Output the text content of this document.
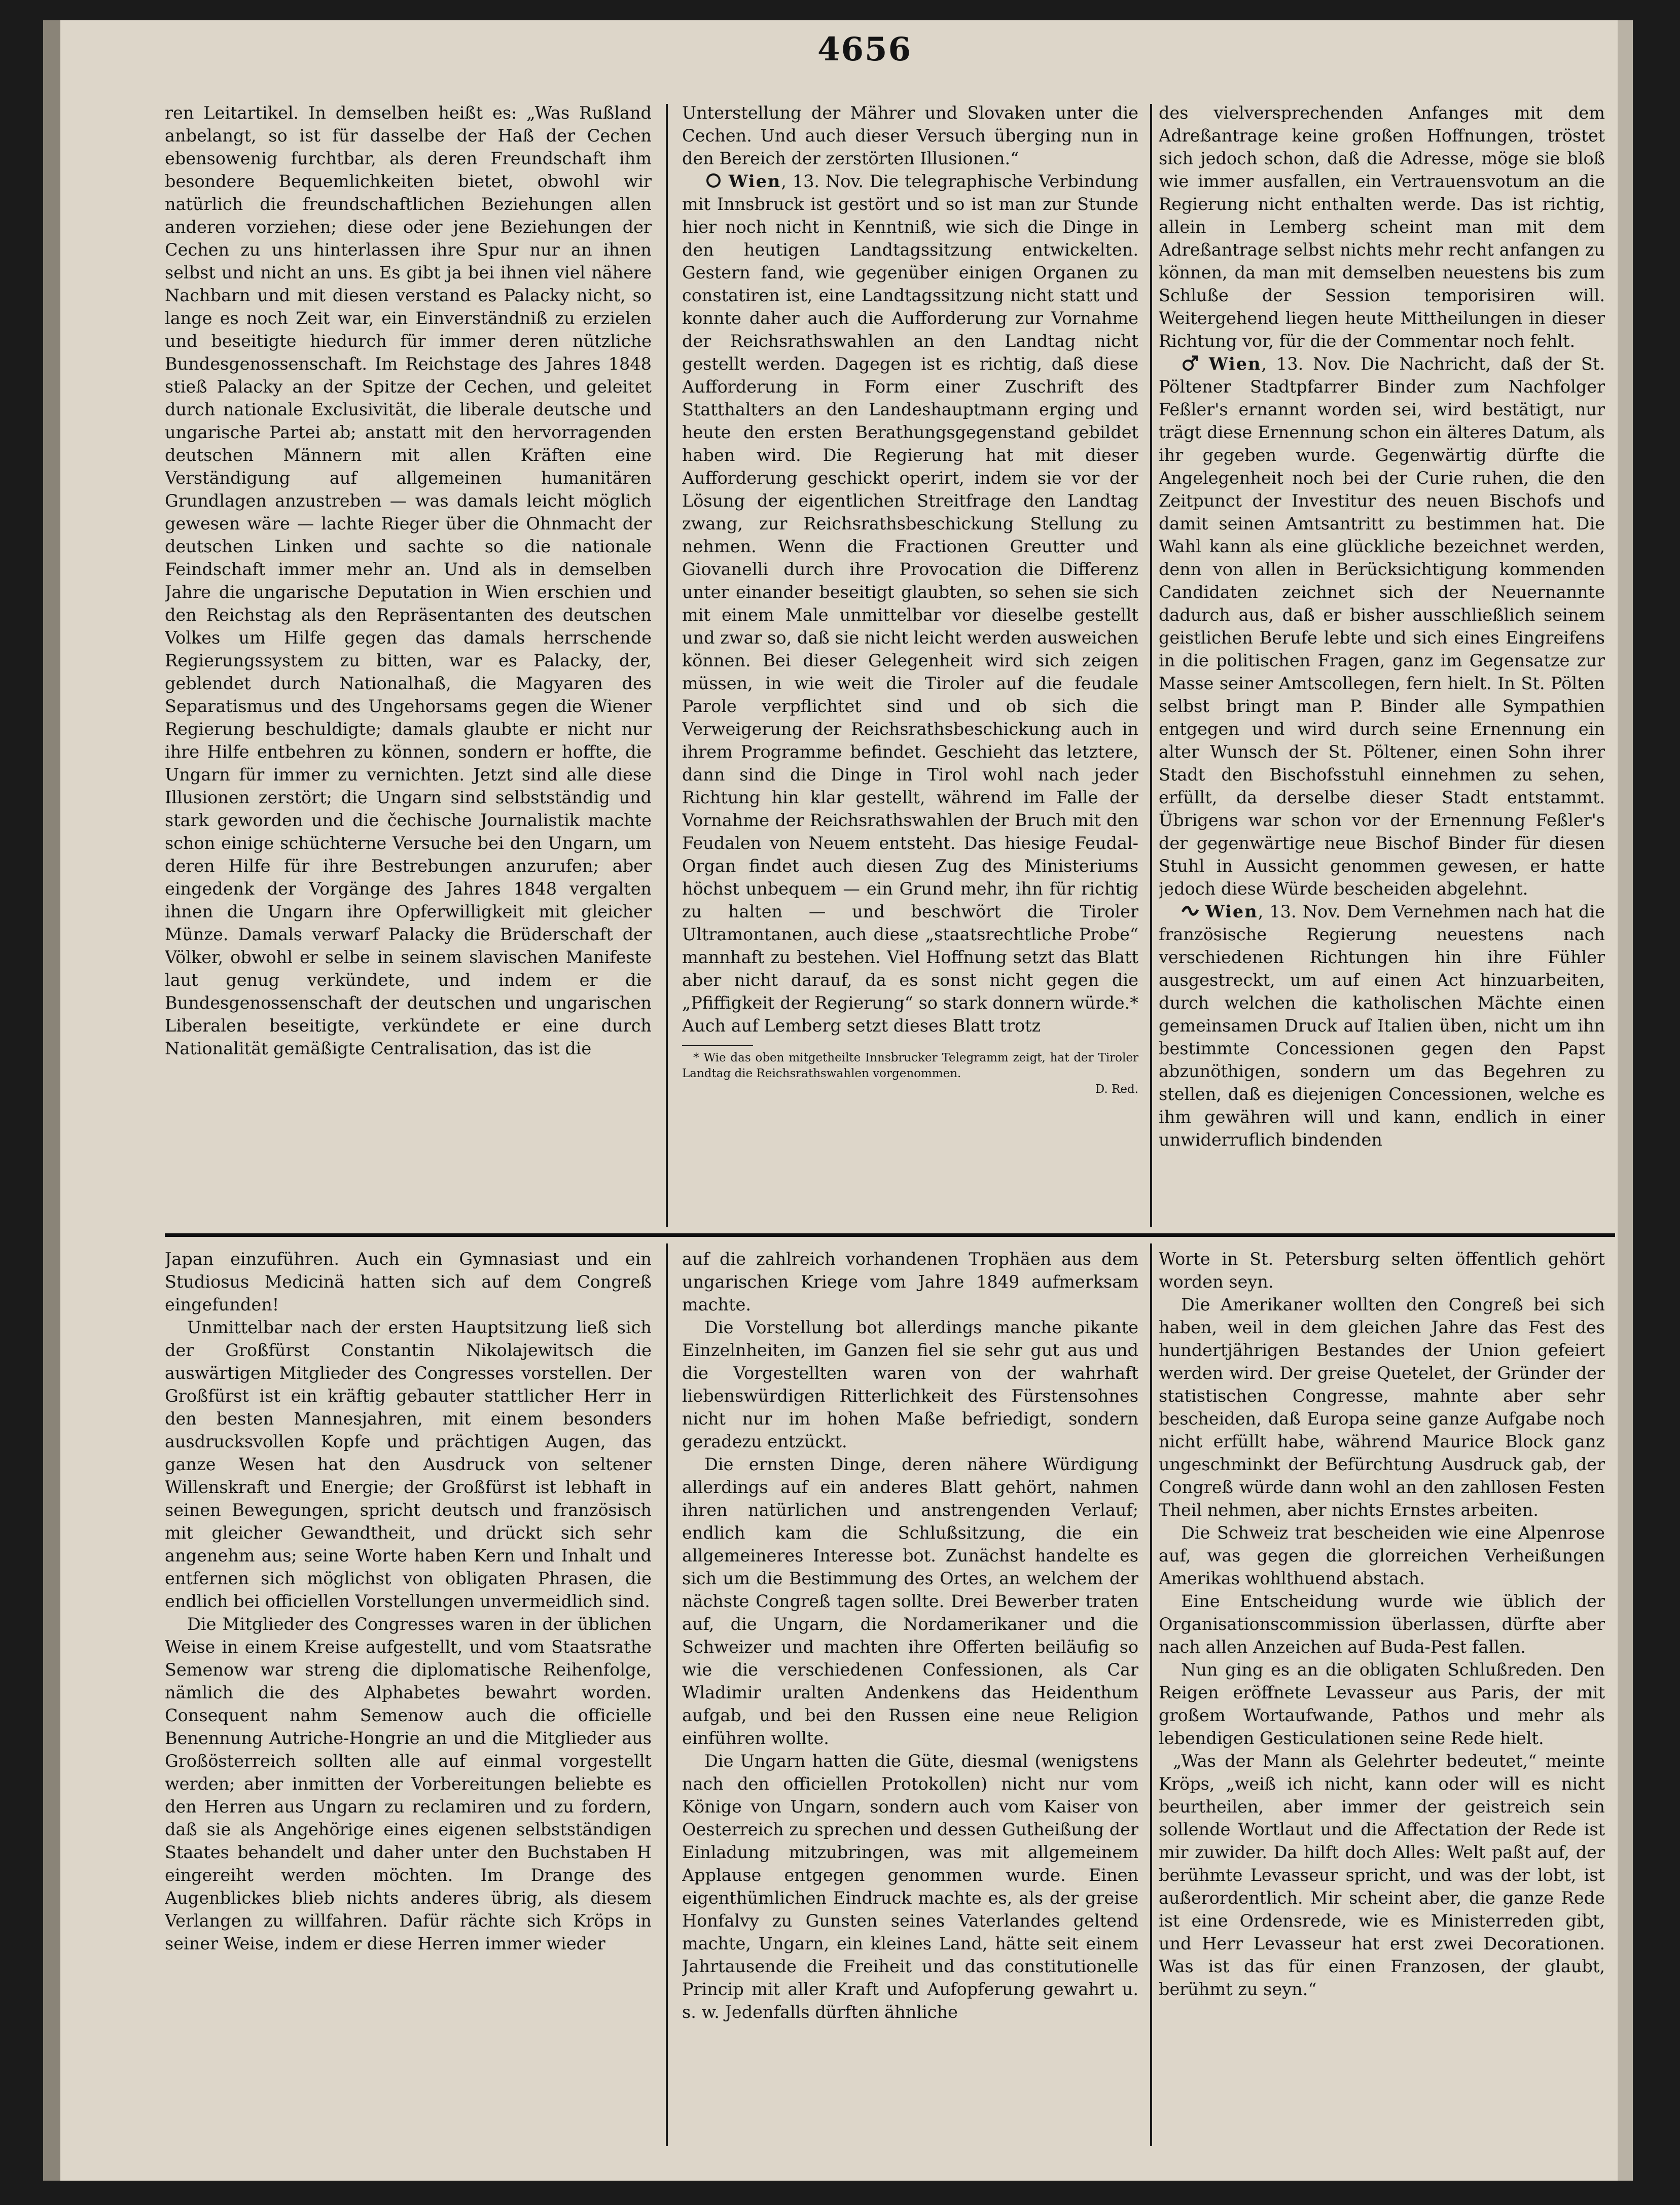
4656

ren Leitartikel. In demselben heißt es: „Was Rußland anbelangt, so ist für dasselbe der Haß der Cechen ebensowenig furchtbar, als deren Freundschaft ihm besondere Bequemlichkeiten bietet, obwohl wir natürlich die freundschaftlichen Beziehungen allen anderen vorziehen; diese oder jene Beziehungen der Cechen zu uns hinterlassen ihre Spur nur an ihnen selbst und nicht an uns. Es gibt ja bei ihnen viel nähere Nachbarn und mit diesen verstand es Palacky nicht, so lange es noch Zeit war, ein Einverständniß zu erzielen und beseitigte hiedurch für immer deren nützliche Bundesgenossenschaft. Im Reichstage des Jahres 1848 stieß Palacky an der Spitze der Cechen, und geleitet durch nationale Exclusivität, die liberale deutsche und ungarische Partei ab; anstatt mit den hervorragenden deutschen Männern mit allen Kräften eine Verständigung auf allgemeinen humanitären Grundlagen anzustreben — was damals leicht möglich gewesen wäre — lachte Rieger über die Ohnmacht der deutschen Linken und sachte so die nationale Feindschaft immer mehr an. Und als in demselben Jahre die ungarische Deputation in Wien erschien und den Reichstag als den Repräsentanten des deutschen Volkes um Hilfe gegen das damals herrschende Regierungssystem zu bitten, war es Palacky, der, geblendet durch Nationalhaß, die Magyaren des Separatismus und des Ungehorsams gegen die Wiener Regierung beschuldigte; damals glaubte er nicht nur ihre Hilfe entbehren zu können, sondern er hoffte, die Ungarn für immer zu vernichten. Jetzt sind alle diese Illusionen zerstört; die Ungarn sind selbstständig und stark geworden und die čechische Journalistik machte schon einige schüchterne Versuche bei den Ungarn, um deren Hilfe für ihre Bestrebungen anzurufen; aber eingedenk der Vorgänge des Jahres 1848 vergalten ihnen die Ungarn ihre Opferwilligkeit mit gleicher Münze. Damals verwarf Palacky die Brüderschaft der Völker, obwohl er selbe in seinem slavischen Manifeste laut genug verkündete, und indem er die Bundesgenossenschaft der deutschen und ungarischen Liberalen beseitigte, verkündete er eine durch Nationalität gemäßigte Centralisation, das ist die

Unterstellung der Mährer und Slovaken unter die Cechen. Und auch dieser Versuch überging nun in den Bereich der zerstörten Illusionen.“

Wien, 13. Nov. Die telegraphische Verbindung mit Innsbruck ist gestört und so ist man zur Stunde hier noch nicht in Kenntniß, wie sich die Dinge in den heutigen Landtagssitzung entwickelten. Gestern fand, wie gegenüber einigen Organen zu constatiren ist, eine Landtagssitzung nicht statt und konnte daher auch die Aufforderung zur Vornahme der Reichsrathswahlen an den Landtag nicht gestellt werden. Dagegen ist es richtig, daß diese Aufforderung in Form einer Zuschrift des Statthalters an den Landeshauptmann erging und heute den ersten Berathungsgegenstand gebildet haben wird. Die Regierung hat mit dieser Aufforderung geschickt operirt, indem sie vor der Lösung der eigentlichen Streitfrage den Landtag zwang, zur Reichsrathsbeschickung Stellung zu nehmen. Wenn die Fractionen Greutter und Giovanelli durch ihre Provocation die Differenz unter einander beseitigt glaubten, so sehen sie sich mit einem Male unmittelbar vor dieselbe gestellt und zwar so, daß sie nicht leicht werden ausweichen können. Bei dieser Gelegenheit wird sich zeigen müssen, in wie weit die Tiroler auf die feudale Parole verpflichtet sind und ob sich die Verweigerung der Reichsrathsbeschickung auch in ihrem Programme befindet. Geschieht das letztere, dann sind die Dinge in Tirol wohl nach jeder Richtung hin klar gestellt, während im Falle der Vornahme der Reichsrathswahlen der Bruch mit den Feudalen von Neuem entsteht. Das hiesige Feudal-Organ findet auch diesen Zug des Ministeriums höchst unbequem — ein Grund mehr, ihn für richtig zu halten — und beschwört die Tiroler Ultramontanen, auch diese „staatsrechtliche Probe“ mannhaft zu bestehen. Viel Hoffnung setzt das Blatt aber nicht darauf, da es sonst nicht gegen die „Pfiffigkeit der Regierung“ so stark donnern würde.* Auch auf Lemberg setzt dieses Blatt trotz

* Wie das oben mitgetheilte Innsbrucker Telegramm zeigt, hat der Tiroler Landtag die Reichsrathswahlen vorgenommen.
D. Red.

des vielversprechenden Anfanges mit dem Adreßantrage keine großen Hoffnungen, tröstet sich jedoch schon, daß die Adresse, möge sie bloß wie immer ausfallen, ein Vertrauensvotum an die Regierung nicht enthalten werde. Das ist richtig, allein in Lemberg scheint man mit dem Adreßantrage selbst nichts mehr recht anfangen zu können, da man mit demselben neuestens bis zum Schluße der Session temporisiren will. Weitergehend liegen heute Mittheilungen in dieser Richtung vor, für die der Commentar noch fehlt.

Wien, 13. Nov. Die Nachricht, daß der St. Pöltener Stadtpfarrer Binder zum Nachfolger Feßler's ernannt worden sei, wird bestätigt, nur trägt diese Ernennung schon ein älteres Datum, als ihr gegeben wurde. Gegenwärtig dürfte die Angelegenheit noch bei der Curie ruhen, die den Zeitpunct der Investitur des neuen Bischofs und damit seinen Amtsantritt zu bestimmen hat. Die Wahl kann als eine glückliche bezeichnet werden, denn von allen in Berücksichtigung kommenden Candidaten zeichnet sich der Neuernannte dadurch aus, daß er bisher ausschließlich seinem geistlichen Berufe lebte und sich eines Eingreifens in die politischen Fragen, ganz im Gegensatze zur Masse seiner Amtscollegen, fern hielt. In St. Pölten selbst bringt man P. Binder alle Sympathien entgegen und wird durch seine Ernennung ein alter Wunsch der St. Pöltener, einen Sohn ihrer Stadt den Bischofsstuhl einnehmen zu sehen, erfüllt, da derselbe dieser Stadt entstammt. Übrigens war schon vor der Ernennung Feßler's der gegenwärtige neue Bischof Binder für diesen Stuhl in Aussicht genommen gewesen, er hatte jedoch diese Würde bescheiden abgelehnt.

Wien, 13. Nov. Dem Vernehmen nach hat die französische Regierung neuestens nach verschiedenen Richtungen hin ihre Fühler ausgestreckt, um auf einen Act hinzuarbeiten, durch welchen die katholischen Mächte einen gemeinsamen Druck auf Italien üben, nicht um ihn bestimmte Concessionen gegen den Papst abzunöthigen, sondern um das Begehren zu stellen, daß es diejenigen Concessionen, welche es ihm gewähren will und kann, endlich in einer unwiderruflich bindenden

Japan einzuführen. Auch ein Gymnasiast und ein Studiosus Medicinä hatten sich auf dem Congreß eingefunden!

Unmittelbar nach der ersten Hauptsitzung ließ sich der Großfürst Constantin Nikolajewitsch die auswärtigen Mitglieder des Congresses vorstellen. Der Großfürst ist ein kräftig gebauter stattlicher Herr in den besten Mannesjahren, mit einem besonders ausdrucksvollen Kopfe und prächtigen Augen, das ganze Wesen hat den Ausdruck von seltener Willenskraft und Energie; der Großfürst ist lebhaft in seinen Bewegungen, spricht deutsch und französisch mit gleicher Gewandtheit, und drückt sich sehr angenehm aus; seine Worte haben Kern und Inhalt und entfernen sich möglichst von obligaten Phrasen, die endlich bei officiellen Vorstellungen unvermeidlich sind.

Die Mitglieder des Congresses waren in der üblichen Weise in einem Kreise aufgestellt, und vom Staatsrathe Semenow war streng die diplomatische Reihenfolge, nämlich die des Alphabetes bewahrt worden. Consequent nahm Semenow auch die officielle Benennung Autriche-Hongrie an und die Mitglieder aus Großösterreich sollten alle auf einmal vorgestellt werden; aber inmitten der Vorbereitungen beliebte es den Herren aus Ungarn zu reclamiren und zu fordern, daß sie als Angehörige eines eigenen selbstständigen Staates behandelt und daher unter den Buchstaben H eingereiht werden möchten. Im Drange des Augenblickes blieb nichts anderes übrig, als diesem Verlangen zu willfahren. Dafür rächte sich Kröps in seiner Weise, indem er diese Herren immer wieder

auf die zahlreich vorhandenen Trophäen aus dem ungarischen Kriege vom Jahre 1849 aufmerksam machte.

Die Vorstellung bot allerdings manche pikante Einzelnheiten, im Ganzen fiel sie sehr gut aus und die Vorgestellten waren von der wahrhaft liebenswürdigen Ritterlichkeit des Fürstensohnes nicht nur im hohen Maße befriedigt, sondern geradezu entzückt.

Die ernsten Dinge, deren nähere Würdigung allerdings auf ein anderes Blatt gehört, nahmen ihren natürlichen und anstrengenden Verlauf; endlich kam die Schlußsitzung, die ein allgemeineres Interesse bot. Zunächst handelte es sich um die Bestimmung des Ortes, an welchem der nächste Congreß tagen sollte. Drei Bewerber traten auf, die Ungarn, die Nordamerikaner und die Schweizer und machten ihre Offerten beiläufig so wie die verschiedenen Confessionen, als Car Wladimir uralten Andenkens das Heidenthum aufgab, und bei den Russen eine neue Religion einführen wollte.

Die Ungarn hatten die Güte, diesmal (wenigstens nach den officiellen Protokollen) nicht nur vom Könige von Ungarn, sondern auch vom Kaiser von Oesterreich zu sprechen und dessen Gutheißung der Einladung mitzubringen, was mit allgemeinem Applause entgegen genommen wurde. Einen eigenthümlichen Eindruck machte es, als der greise Honfalvy zu Gunsten seines Vaterlandes geltend machte, Ungarn, ein kleines Land, hätte seit einem Jahrtausende die Freiheit und das constitutionelle Princip mit aller Kraft und Aufopferung gewahrt u. s. w. Jedenfalls dürften ähnliche

Worte in St. Petersburg selten öffentlich gehört worden seyn.

Die Amerikaner wollten den Congreß bei sich haben, weil in dem gleichen Jahre das Fest des hundertjährigen Bestandes der Union gefeiert werden wird. Der greise Quetelet, der Gründer der statistischen Congresse, mahnte aber sehr bescheiden, daß Europa seine ganze Aufgabe noch nicht erfüllt habe, während Maurice Block ganz ungeschminkt der Befürchtung Ausdruck gab, der Congreß würde dann wohl an den zahllosen Festen Theil nehmen, aber nichts Ernstes arbeiten.

Die Schweiz trat bescheiden wie eine Alpenrose auf, was gegen die glorreichen Verheißungen Amerikas wohlthuend abstach.

Eine Entscheidung wurde wie üblich der Organisationscommission überlassen, dürfte aber nach allen Anzeichen auf Buda-Pest fallen.

Nun ging es an die obligaten Schlußreden. Den Reigen eröffnete Levasseur aus Paris, der mit großem Wortaufwande, Pathos und mehr als lebendigen Gesticulationen seine Rede hielt.

„Was der Mann als Gelehrter bedeutet,“ meinte Kröps, „weiß ich nicht, kann oder will es nicht beurtheilen, aber immer der geistreich sein sollende Wortlaut und die Affectation der Rede ist mir zuwider. Da hilft doch Alles: Welt paßt auf, der berühmte Levasseur spricht, und was der lobt, ist außerordentlich. Mir scheint aber, die ganze Rede ist eine Ordensrede, wie es Ministerreden gibt, und Herr Levasseur hat erst zwei Decorationen. Was ist das für einen Franzosen, der glaubt, berühmt zu seyn.“
